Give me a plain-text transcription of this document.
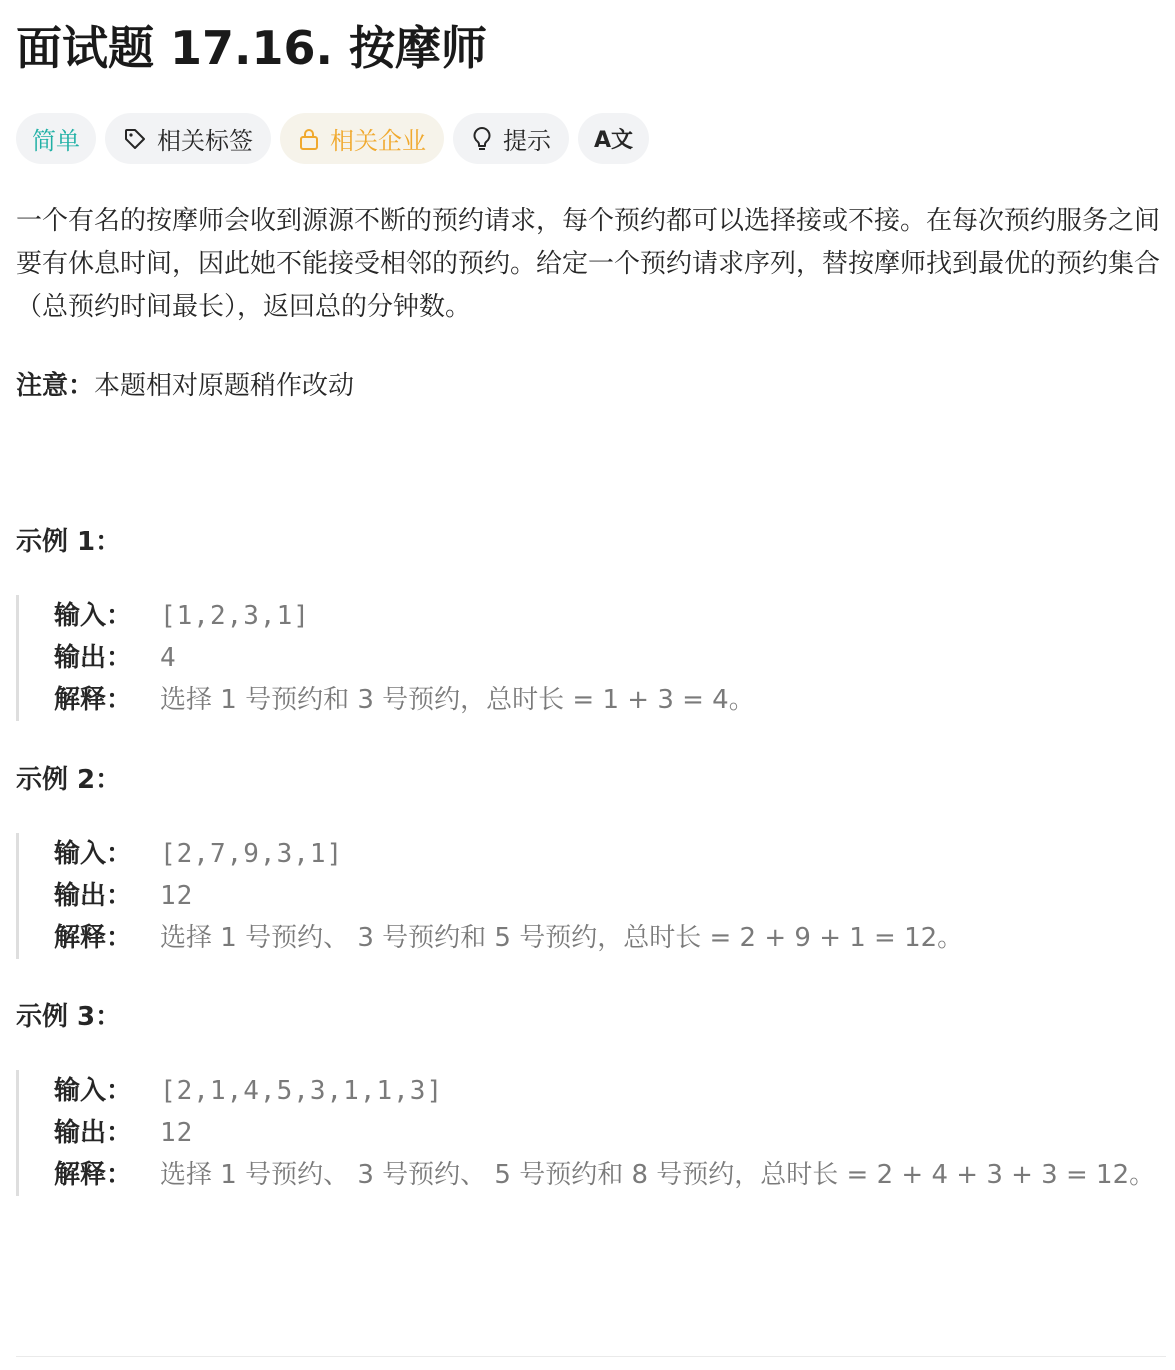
面试题 17.16. 按摩师
简单	相关标签	相关企业	提示 A文
一个有名的按摩师会收到源源不断的预约请求，每个预约都可以选择接或不接。在每次预约服务之间要有休息时间，因此她不能接受相邻的预约。给定一个预约请求序列，替按摩师找到最优的预约集合（总预约时间最长），返回总的分钟数。
注意：本题相对原题稍作改动
示例 1：
输入： [1,2,3,1]
输出： 4
解释： 选择 1 号预约和 3 号预约，总时长 = 1 + 3 = 4。
示例 2：
输入： [2,7,9,3,1]
输出： 12
解释： 选择 1 号预约、 3 号预约和 5 号预约，总时长 = 2 + 9 + 1 = 12。
示例 3：
输入： [2,1,4,5,3,1,1,3]
输出： 12
解释： 选择 1 号预约、 3 号预约、 5 号预约和 8 号预约，总时长 = 2 + 4 + 3 + 3 = 12。
